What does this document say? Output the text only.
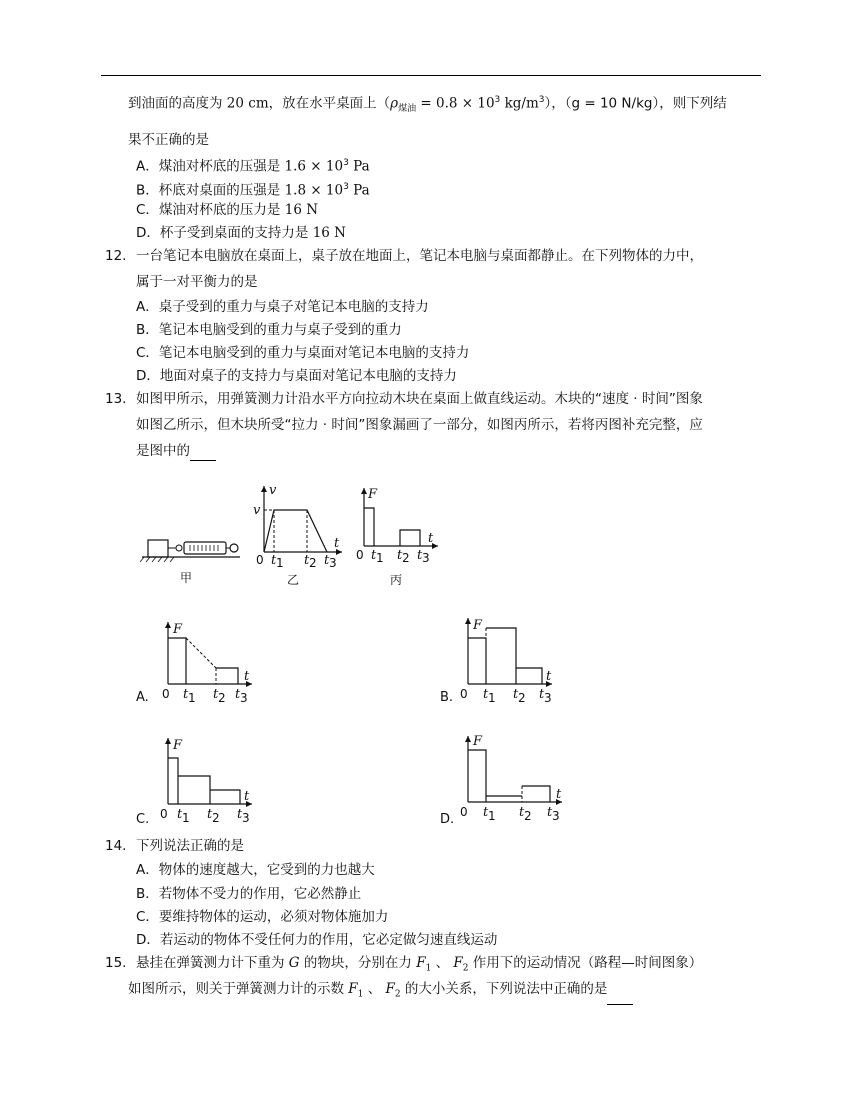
到油面的高度为 20 cm，放在水平桌面上（$\rho_{煤油} = 0.8 \times 10^3$ $kg/m^3$），（g = 10 N/kg），则下列结
果不正确的是
A．煤油对杯底的压强是 $1.6 \times 10^3$ Pa
B．杯底对桌面的压强是 $1.8 \times 10^3$ Pa
C．煤油对杯底的压力是 16 N
D．杯子受到桌面的支持力是 16 N
12. 一台笔记本电脑放在桌面上，桌子放在地面上，笔记本电脑与桌面都静止。在下列物体的力中，
属于一对平衡力的是
A．桌子受到的重力与桌子对笔记本电脑的支持力
B．笔记本电脑受到的重力与桌子受到的重力
C．笔记本电脑受到的重力与桌面对笔记本电脑的支持力
D．地面对桌子的支持力与桌面对笔记本电脑的支持力
13. 如图甲所示，用弹簧测力计沿水平方向拉动木块在桌面上做直线运动。木块的“速度 · 时间”图象
如图乙所示，但木块所受“拉力 · 时间”图象漏画了一部分，如图丙所示，若将丙图补充完整，应
是图中的
甲
v
v
t
0 t 1 t 2 t 3
乙
F
t
0 t 1 t 2 t 3
丙
F
t
0 t 1 t 2 t 3
A.
F
t
0 t 1 t 2 t 3
B.
F
t
0 t 1 t 2 t 3
C.
F
t
0 t 1 t 2 t 3
D.
14. 下列说法正确的是
A．物体的速度越大，它受到的力也越大
B．若物体不受力的作用，它必然静止
C．要维持物体的运动，必须对物体施加力
D．若运动的物体不受任何力的作用，它必定做匀速直线运动
15. 悬挂在弹簧测力计下重为 G 的物块，分别在力 $F_1$ 、 $F_2$ 作用下的运动情况（路程—时间图象）
如图所示，则关于弹簧测力计的示数 $F_1$ 、 $F_2$ 的大小关系，下列说法中正确的是
